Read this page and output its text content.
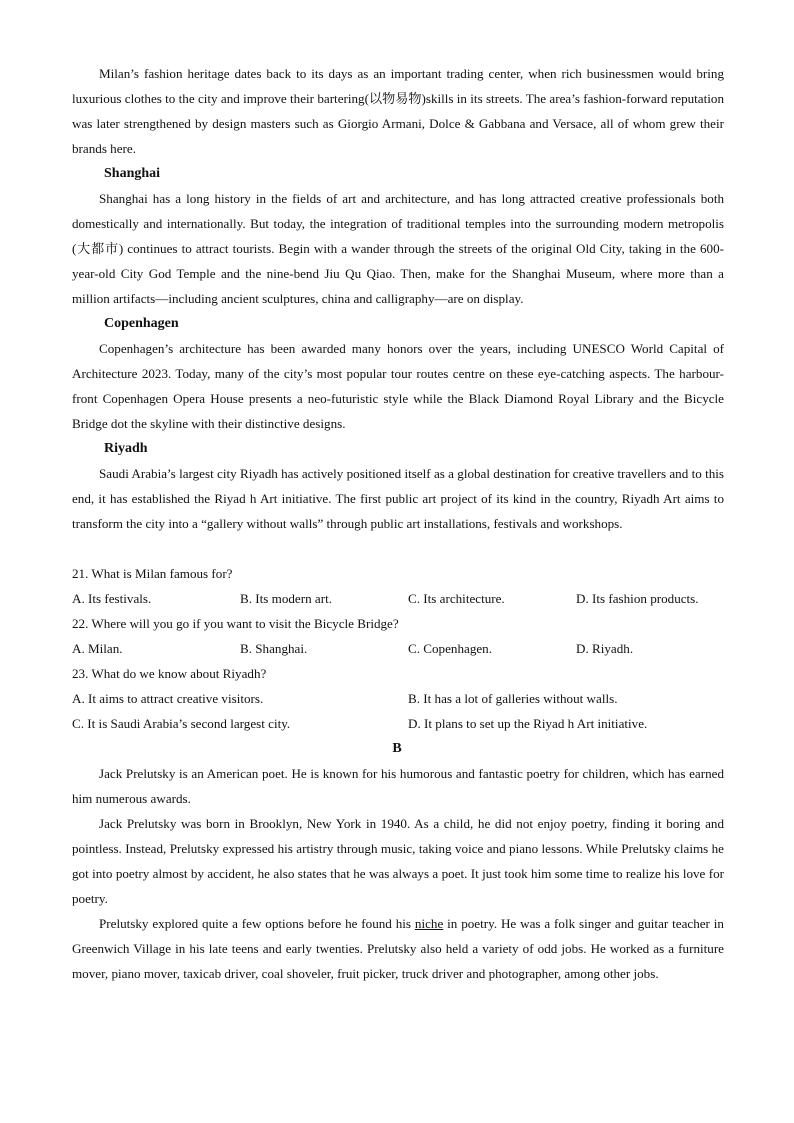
Milan’s fashion heritage dates back to its days as an important trading center, when rich businessmen would bring luxurious clothes to the city and improve their bartering(以物易物)skills in its streets. The area’s fashion-forward reputation was later strengthened by design masters such as Giorgio Armani, Dolce & Gabbana and Versace, all of whom grew their brands here.

Shanghai

Shanghai has a long history in the fields of art and architecture, and has long attracted creative professionals both domestically and internationally. But today, the integration of traditional temples into the surrounding modern metropolis (大都市) continues to attract tourists. Begin with a wander through the streets of the original Old City, taking in the 600-year-old City God Temple and the nine-bend Jiu Qu Qiao. Then, make for the Shanghai Museum, where more than a million artifacts—including ancient sculptures, china and calligraphy—are on display.

Copenhagen

Copenhagen’s architecture has been awarded many honors over the years, including UNESCO World Capital of Architecture 2023. Today, many of the city’s most popular tour routes centre on these eye-catching aspects. The harbour-front Copenhagen Opera House presents a neo-futuristic style while the Black Diamond Royal Library and the Bicycle Bridge dot the skyline with their distinctive designs.

Riyadh

Saudi Arabia’s largest city Riyadh has actively positioned itself as a global destination for creative travellers and to this end, it has established the Riyad h Art initiative. The first public art project of its kind in the country, Riyadh Art aims to transform the city into a “gallery without walls” through public art installations, festivals and workshops.

21. What is Milan famous for?

A. Its festivals.	B. Its modern art.	C. Its architecture.	D. Its fashion products.

22. Where will you go if you want to visit the Bicycle Bridge?

A. Milan.	B. Shanghai.	C. Copenhagen.	D. Riyadh.

23. What do we know about Riyadh?

A. It aims to attract creative visitors.	B. It has a lot of galleries without walls.
C. It is Saudi Arabia’s second largest city.	D. It plans to set up the Riyad h Art initiative.
B

Jack Prelutsky is an American poet. He is known for his humorous and fantastic poetry for children, which has earned him numerous awards.

Jack Prelutsky was born in Brooklyn, New York in 1940. As a child, he did not enjoy poetry, finding it boring and pointless. Instead, Prelutsky expressed his artistry through music, taking voice and piano lessons. While Prelutsky claims he got into poetry almost by accident, he also states that he was always a poet. It just took him some time to realize his love for poetry.

Prelutsky explored quite a few options before he found his niche in poetry. He was a folk singer and guitar teacher in Greenwich Village in his late teens and early twenties. Prelutsky also held a variety of odd jobs. He worked as a furniture mover, piano mover, taxicab driver, coal shoveler, fruit picker, truck driver and photographer, among other jobs.
